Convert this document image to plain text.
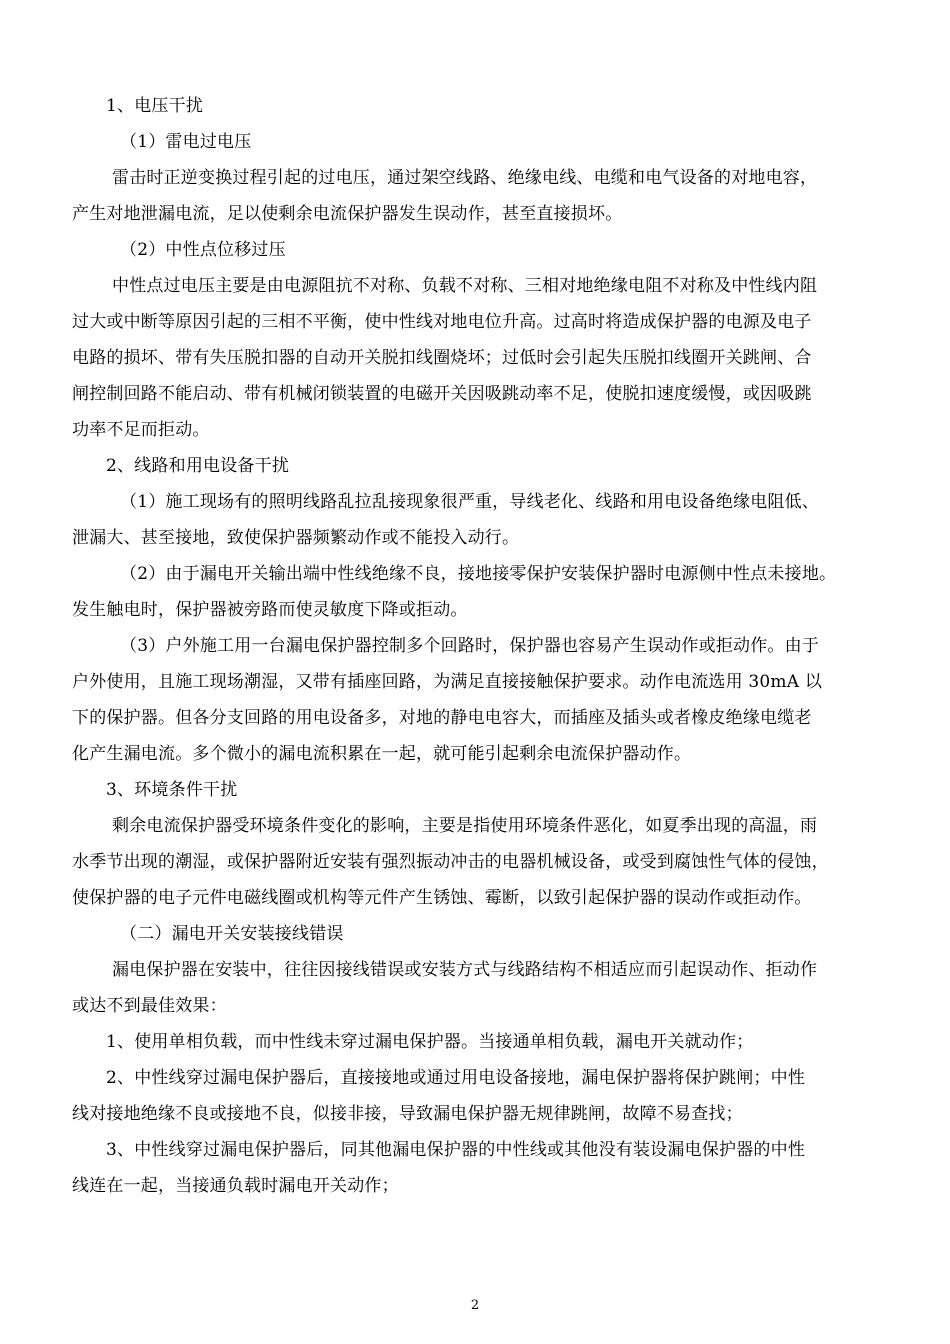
1、电压干扰

（1）雷电过电压

雷击时正逆变换过程引起的过电压，通过架空线路、绝缘电线、电缆和电气设备的对地电容，

产生对地泄漏电流，足以使剩余电流保护器发生误动作，甚至直接损坏。

（2）中性点位移过压

中性点过电压主要是由电源阻抗不对称、负载不对称、三相对地绝缘电阻不对称及中性线内阻

过大或中断等原因引起的三相不平衡，使中性线对地电位升高。过高时将造成保护器的电源及电子

电路的损坏、带有失压脱扣器的自动开关脱扣线圈烧坏；过低时会引起失压脱扣线圈开关跳闸、合

闸控制回路不能启动、带有机械闭锁装置的电磁开关因吸跳动率不足，使脱扣速度缓慢，或因吸跳

功率不足而拒动。

2、线路和用电设备干扰

（1）施工现场有的照明线路乱拉乱接现象很严重，导线老化、线路和用电设备绝缘电阻低、

泄漏大、甚至接地，致使保护器频繁动作或不能投入动行。

（2）由于漏电开关输出端中性线绝缘不良，接地接零保护安装保护器时电源侧中性点未接地。

发生触电时，保护器被旁路而使灵敏度下降或拒动。

（3）户外施工用一台漏电保护器控制多个回路时，保护器也容易产生误动作或拒动作。由于

户外使用，且施工现场潮湿，又带有插座回路，为满足直接接触保护要求。动作电流选用 30mA 以

下的保护器。但各分支回路的用电设备多，对地的静电电容大，而插座及插头或者橡皮绝缘电缆老

化产生漏电流。多个微小的漏电流积累在一起，就可能引起剩余电流保护器动作。

3、环境条件干扰

剩余电流保护器受环境条件变化的影响，主要是指使用环境条件恶化，如夏季出现的高温，雨

水季节出现的潮湿，或保护器附近安装有强烈振动冲击的电器机械设备，或受到腐蚀性气体的侵蚀，

使保护器的电子元件电磁线圈或机构等元件产生锈蚀、霉断，以致引起保护器的误动作或拒动作。

（二）漏电开关安装接线错误

漏电保护器在安装中，往往因接线错误或安装方式与线路结构不相适应而引起误动作、拒动作

或达不到最佳效果：

1、使用单相负载，而中性线未穿过漏电保护器。当接通单相负载，漏电开关就动作；

2、中性线穿过漏电保护器后，直接接地或通过用电设备接地，漏电保护器将保护跳闸；中性

线对接地绝缘不良或接地不良，似接非接，导致漏电保护器无规律跳闸，故障不易查找；

3、中性线穿过漏电保护器后，同其他漏电保护器的中性线或其他没有装设漏电保护器的中性

线连在一起，当接通负载时漏电开关动作；

2
